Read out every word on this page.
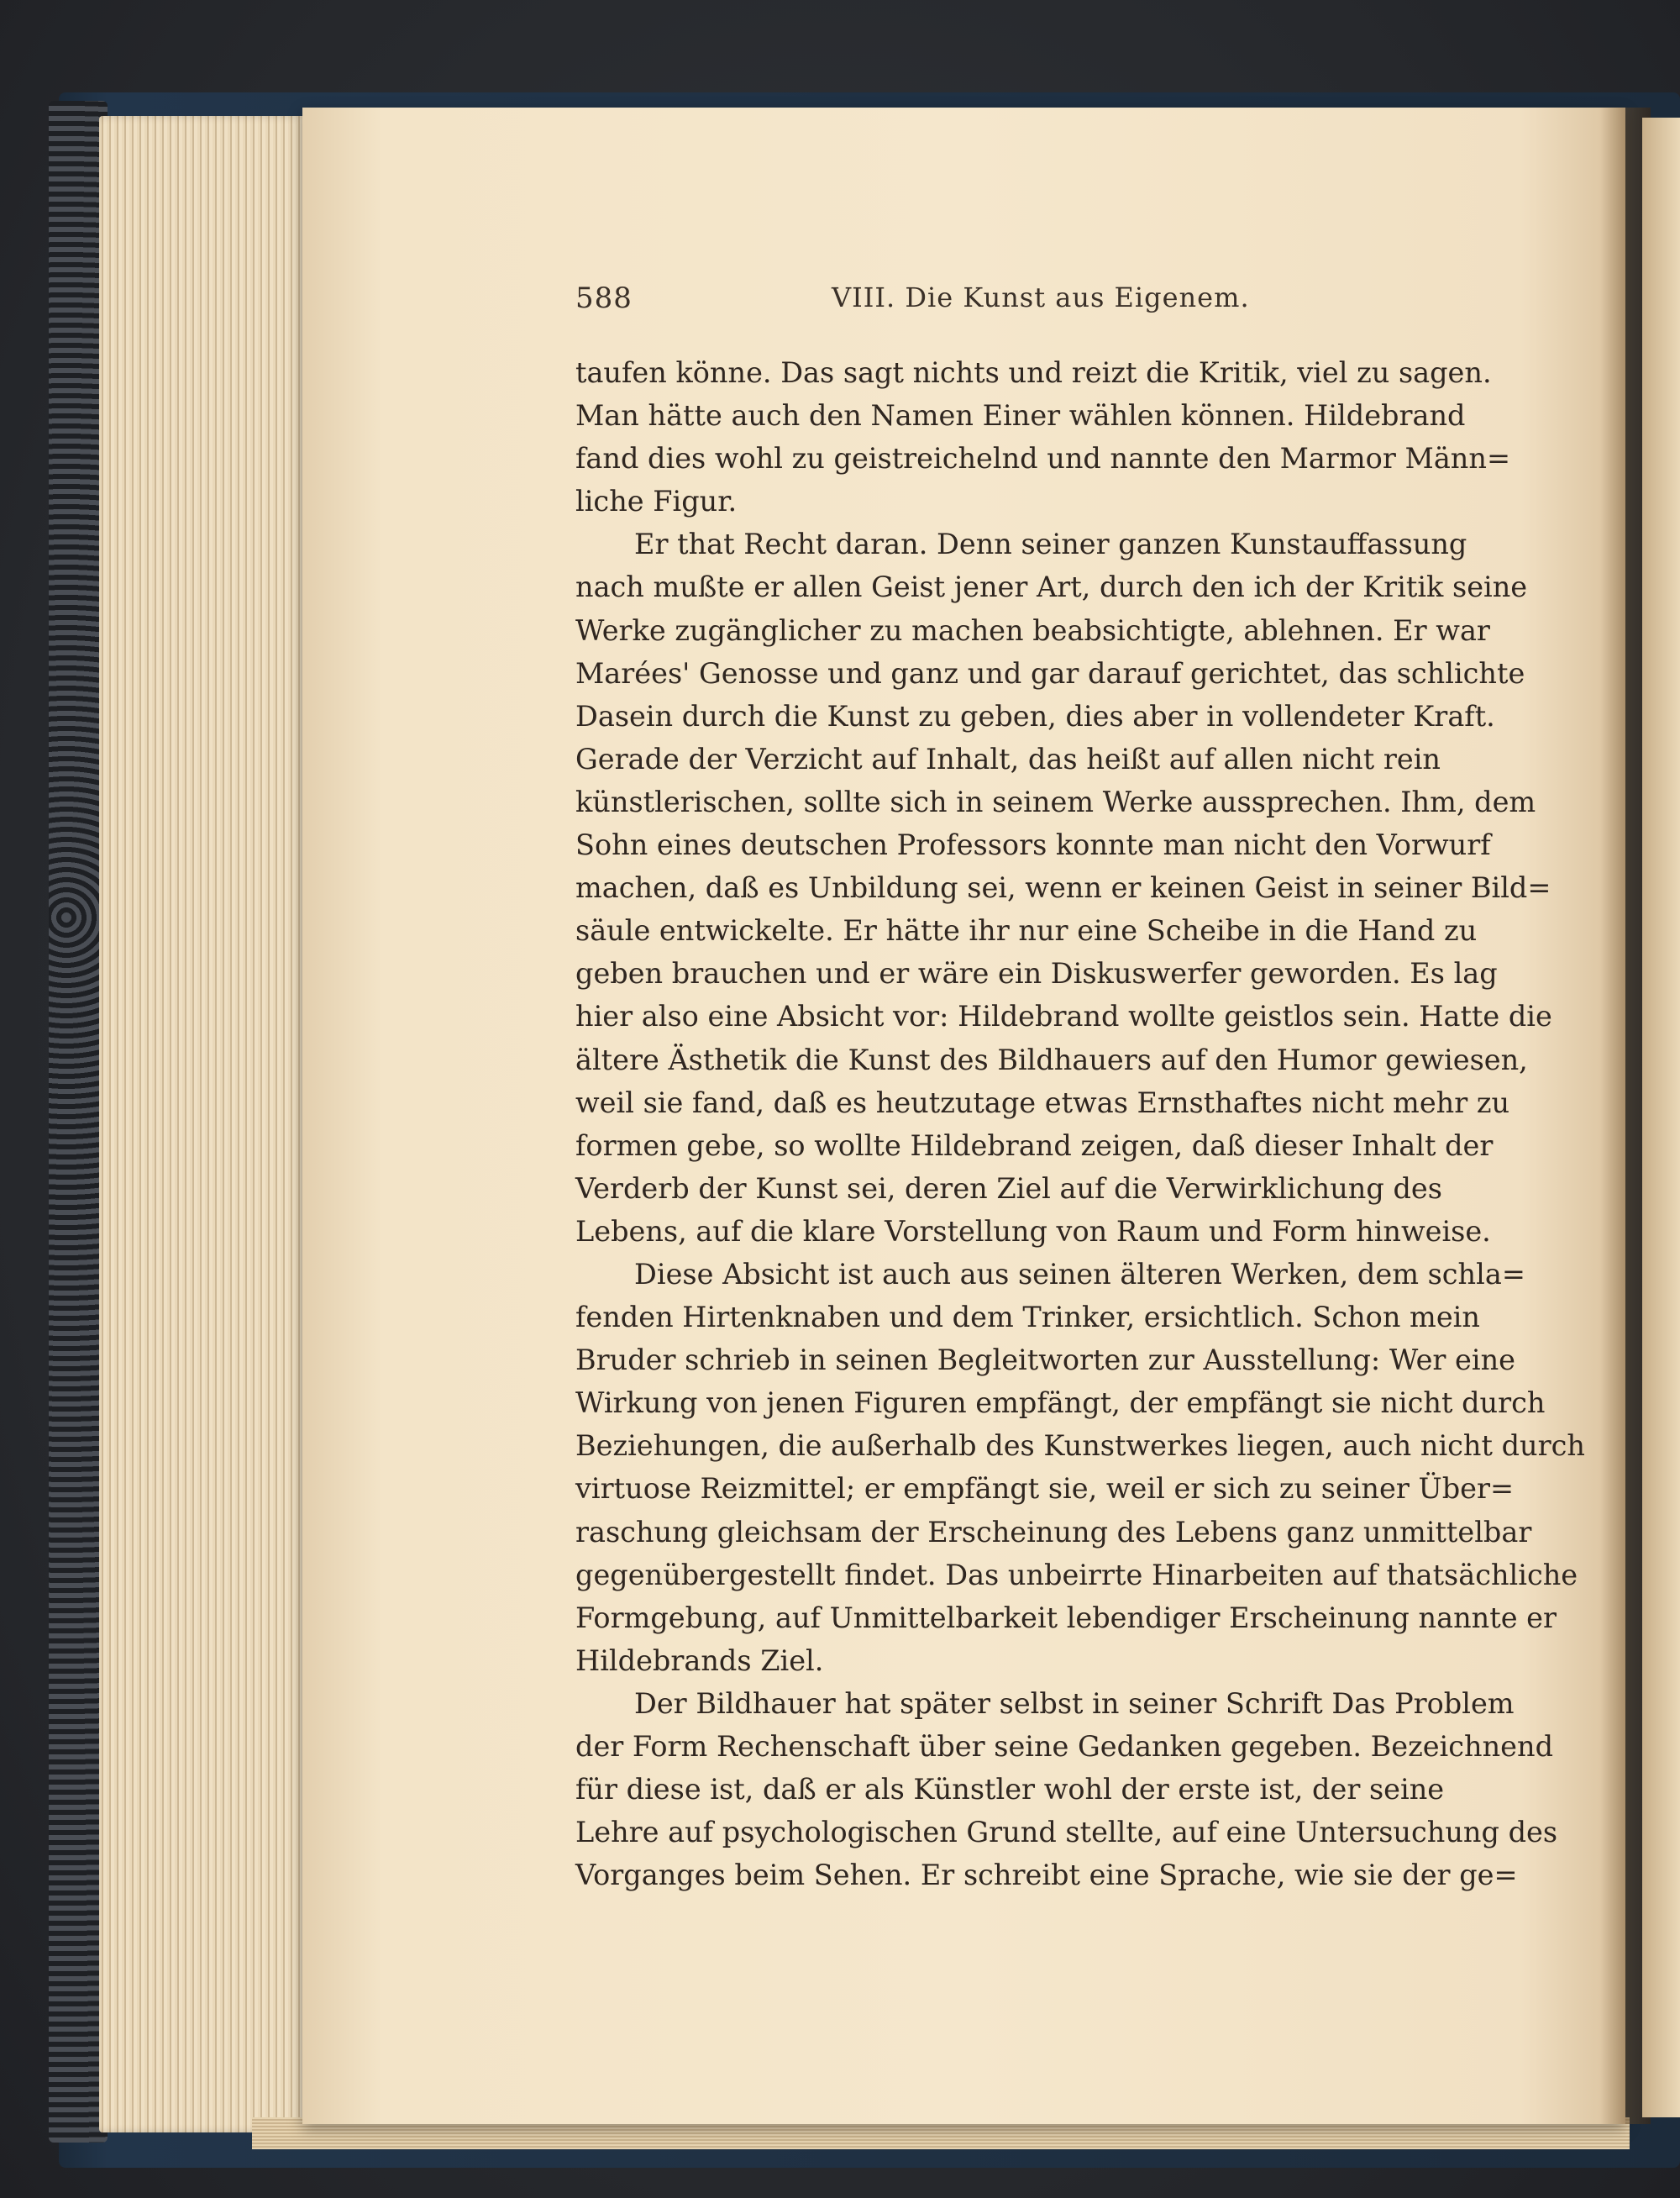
588	VIII. Die Kunst aus Eigenem.
taufen könne. Das sagt nichts und reizt die Kritik, viel zu sagen.
Man hätte auch den Namen Einer wählen können. Hildebrand
fand dies wohl zu geistreichelnd und nannte den Marmor Männ=
liche Figur.
Er that Recht daran. Denn seiner ganzen Kunstauffassung
nach mußte er allen Geist jener Art, durch den ich der Kritik seine
Werke zugänglicher zu machen beabsichtigte, ablehnen. Er war
Marées' Genosse und ganz und gar darauf gerichtet, das schlichte
Dasein durch die Kunst zu geben, dies aber in vollendeter Kraft.
Gerade der Verzicht auf Inhalt, das heißt auf allen nicht rein
künstlerischen, sollte sich in seinem Werke aussprechen. Ihm, dem
Sohn eines deutschen Professors konnte man nicht den Vorwurf
machen, daß es Unbildung sei, wenn er keinen Geist in seiner Bild=
säule entwickelte. Er hätte ihr nur eine Scheibe in die Hand zu
geben brauchen und er wäre ein Diskuswerfer geworden. Es lag
hier also eine Absicht vor: Hildebrand wollte geistlos sein. Hatte die
ältere Ästhetik die Kunst des Bildhauers auf den Humor gewiesen,
weil sie fand, daß es heutzutage etwas Ernsthaftes nicht mehr zu
formen gebe, so wollte Hildebrand zeigen, daß dieser Inhalt der
Verderb der Kunst sei, deren Ziel auf die Verwirklichung des
Lebens, auf die klare Vorstellung von Raum und Form hinweise.
Diese Absicht ist auch aus seinen älteren Werken, dem schla=
fenden Hirtenknaben und dem Trinker, ersichtlich. Schon mein
Bruder schrieb in seinen Begleitworten zur Ausstellung: Wer eine
Wirkung von jenen Figuren empfängt, der empfängt sie nicht durch
Beziehungen, die außerhalb des Kunstwerkes liegen, auch nicht durch
virtuose Reizmittel; er empfängt sie, weil er sich zu seiner Über=
raschung gleichsam der Erscheinung des Lebens ganz unmittelbar
gegenübergestellt findet. Das unbeirrte Hinarbeiten auf thatsächliche
Formgebung, auf Unmittelbarkeit lebendiger Erscheinung nannte er
Hildebrands Ziel.
Der Bildhauer hat später selbst in seiner Schrift Das Problem
der Form Rechenschaft über seine Gedanken gegeben. Bezeichnend
für diese ist, daß er als Künstler wohl der erste ist, der seine
Lehre auf psychologischen Grund stellte, auf eine Untersuchung des
Vorganges beim Sehen. Er schreibt eine Sprache, wie sie der ge=
